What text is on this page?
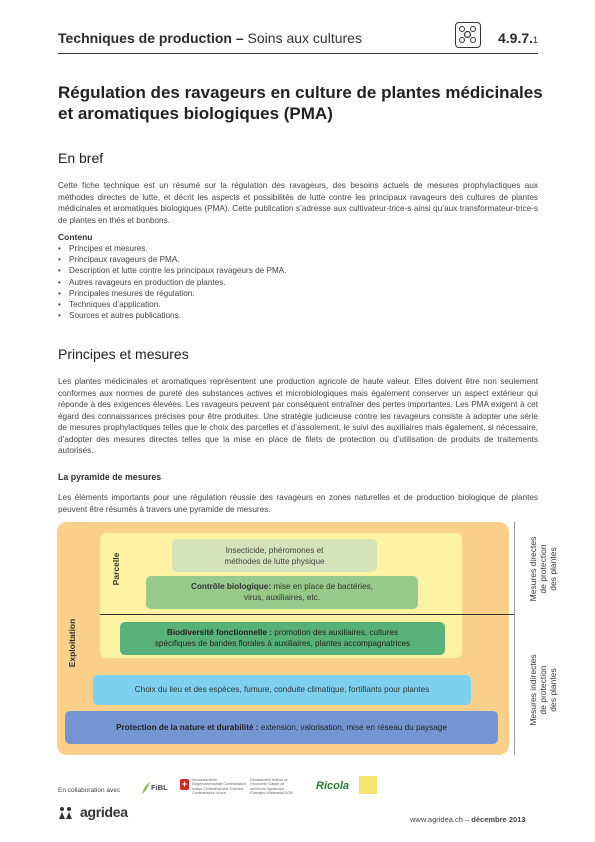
Techniques de production – Soins aux cultures	4.9.7.1
Régulation des ravageurs en culture de plantes médicinales et aromatiques biologiques (PMA)
En bref
Cette fiche technique est un résumé sur la régulation des ravageurs, des besoins actuels de mesures prophylactiques aux méthodes directes de lutte, et décrit les aspects et possibilités de lutte contre les principaux ravageurs des cultures de plantes médicinales et aromatiques biologiques (PMA). Cette publication s’adresse aux cultivateur-trice-s ainsi qu’aux transformateur-trice-s de plantes en thés et bonbons.
Contenu
• Principes et mesures.
• Principaux ravageurs de PMA.
• Description et lutte contre les principaux ravageurs de PMA.
• Autres ravageurs en production de plantes.
• Principales mesures de régulation.
• Techniques d’application.
• Sources et autres publications.
Principes et mesures
Les plantes médicinales et aromatiques représentent une production agricole de haute valeur. Elles doivent être non seulement conformes aux normes de pureté des substances actives et microbiologiques mais également conserver un aspect extérieur qui réponde à des exigences élevées. Les ravageurs peuvent par conséquent entraîner des pertes importantes. Les PMA exigent à cet égard des connaissances précises pour être produites. Une stratégie judicieuse contre les ravageurs consiste à adopter une série de mesures prophylactiques telles que le choix des parcelles et d’assolement, le suivi des auxiliaires mais également, si nécessaire, d’adopter des mesures directes telles que la mise en place de filets de protection ou d’utilisation de produits de traitements autorisés.
La pyramide de mesures
Les éléments importants pour une régulation réussie des ravageurs en zones naturelles et de production biologique de plantes peuvent être résumés à travers une pyramide de mesures.
Insecticide, phéromones et
méthodes de lutte physique
Contrôle biologique: mise en place de bactéries,
virus, auxiliaires, etc.
Biodiversité fonctionnelle : promotion des auxiliaires, cultures
spécifiques de bandes florales à auxiliaires, plantes accompagnatrices
Choix du lieu et des espèces, fumure, conduite climatique, fortifiants pour plantes
Protection de la nature et durabilité : extension, valorisation, mise en réseau du paysage
Parcelle
Exploitation
Mesures directes de protection des plantes
Mesures indirectes de protection des plantes
En collaboration avec	FiBL	+	Schweizerische Eidgenossenschaft Confédération suisse Confederazione Svizzera Confederaziun svizra
Département fédéral de l’économie Station de recherche Agroscope Changins-Wädenswil ACW
Ricola
agridea	www.agridea.ch – décembre 2013
